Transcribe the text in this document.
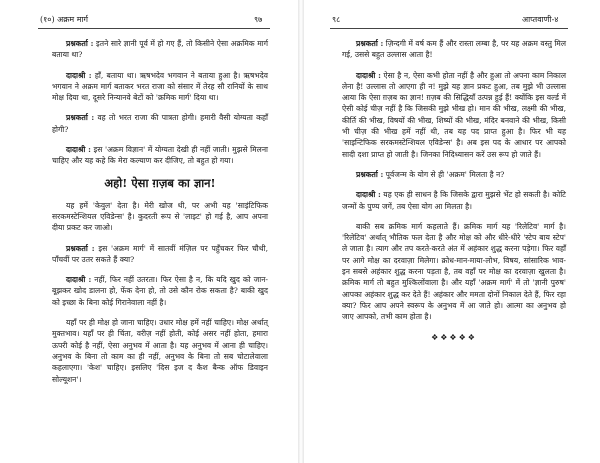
(१०) अक्रम मार्ग	९७

प्रश्नकर्ता : इतने सारे ज्ञानी पूर्व में हो गए हैं, तो किसीने ऐसा अक्रमिक मार्ग बताया था?

दादाश्री : हाँ, बताया था। ऋषभदेव भगवान ने बताया हुआ है। ऋषभदेव भगवान ने अक्रम मार्ग बताकर भरत राजा को संसार में तेरह सौ रानियों के साथ मोक्ष दिया था, दूसरे निन्यानवे बेटों को 'क्रमिक मार्ग' दिया था।

प्रश्नकर्ता : वह तो भरत राजा की पात्रता होगी। हमारी वैसी योग्यता कहाँ होगी?

दादाश्री : इस 'अक्रम विज्ञान' में योग्यता देखी ही नहीं जाती। मुझसे मिलना चाहिए और यह कहे कि मेरा कल्याण कर दीजिए, तो बहुत हो गया।

अहो! ऐसा ग़ज़ब का ज्ञान!

यह हमें 'केवुल' देता है। मेरी खोज थी, पर अभी यह 'साइंटिफिक सरकमस्टेन्शियल एविडेन्स' है। कुदरती रूप से 'लाइट' हो गई है, आप अपना दीया प्रकट कर जाओ।

प्रश्नकर्ता : इस 'अक्रम मार्ग' में सातवीं मंज़िल पर पहुँचकर फिर चौथी, पाँचवीं पर उतर सकते हैं क्या?

दादाश्री : नहीं, फिर नहीं उतरता। फिर ऐसा है न, कि यदि खुद को जान-बूझकर खोद डालना हो, फेंक देना हो, तो उसे कौन रोक सकता है? बाकी खुद को इच्छा के बिना कोई गिरानेवाला नहीं है।

यहाँ पर ही मोक्ष हो जाना चाहिए। उधार मोक्ष हमें नहीं चाहिए। मोक्ष अर्थात् मुक्तभाव। यहाँ पर ही चिंता, वरीज़ नहीं होती, कोई असर नहीं होता, हमारा ऊपरी कोई है नहीं, ऐसा अनुभव में आता है। यह अनुभव में आना ही चाहिए। अनुभव के बिना तो काम का ही नहीं, अनुभव के बिना तो सब चोटालेवाला कहलाएगा। 'केश' चाहिए। इसलिए 'दिस इज द कैश बैन्क ऑफ डिवाइन सोल्यूशन'।

९८	आप्तवाणी-४

प्रश्नकर्ता : ज़िन्दगी में वर्ष कम हैं और रास्ता लम्बा है, पर यह अक्रम वस्तु मिल गई, उससे बहुत उल्लास आता है!

दादाश्री : ऐसा है न, ऐसा कभी होता नहीं है और हुआ तो अपना काम निकाल लेना है! उल्लास तो आएगा ही न! मुझे यह ज्ञान प्रकट हुआ, तब मुझे भी उल्लास आया कि ऐसा ग़ज़ब का ज्ञान! ग़ज़ब की सिद्धियाँ उत्पन्न हुई हैं! क्योंकि इस वर्ल्ड में ऐसी कोई चीज़ नहीं है कि जिसकी मुझे भीख हो। मान की भीख, लक्ष्मी की भीख, कीर्ति की भीख, विषयों की भीख, शिष्यों की भीख, मंदिर बनवाने की भीख, किसी भी चीज़ की भीख हमें नहीं थी, तब यह पद प्राप्त हुआ है। फिर भी यह 'साइन्टिफिक सरकमस्टेन्शियल एविडेन्स' है। अब इस पद के आधार पर आपको सादी दशा प्राप्त हो जाती है। जिनका निदिध्यासन करें उस रूप हो जाते हैं।

प्रश्नकर्ता : पूर्वजन्म के योग से ही 'अक्रम' मिलता है न?

दादाश्री : यह एक ही साधन है कि जिसके द्वारा मुझसे भेंट हो सकती है। कोटि जन्मों के पुण्य जगें, तब ऐसा योग आ मिलता है।

बाकी सब क्रमिक मार्ग कहलाते हैं। क्रमिक मार्ग यह 'रिलेटिव' मार्ग है। 'रिलेटिव' अर्थात् भौतिक फल देता है और मोक्ष को और धीरे-धीरे 'स्टेप बाय स्टेप' ले जाता है। त्याग और तप करते-करते अंत में अहंकार शुद्ध करना पड़ेगा। फिर वहाँ पर आगे मोक्ष का दरवाज़ा मिलेगा। क्रोध-मान-माया-लोभ, विषय, सांसारिक भाव-इन सबसे अहंकार शुद्ध करना पड़ता है, तब वहाँ पर मोक्ष का दरवाज़ा खुलता है। क्रमिक मार्ग तो बहुत मुश्किलोंवाला है। और यहाँ 'अक्रम मार्ग' में तो 'ज्ञानी पुरुष' आपका अहंकार शुद्ध कर देते हैं! अहंकार और ममता दोनों निकाल देते हैं, फिर रहा क्या? फिर आप अपने स्वरूप के अनुभव में आ जाते हो। आत्मा का अनुभव हो जाए आपको, तभी काम होता है।

❖❖❖❖❖
